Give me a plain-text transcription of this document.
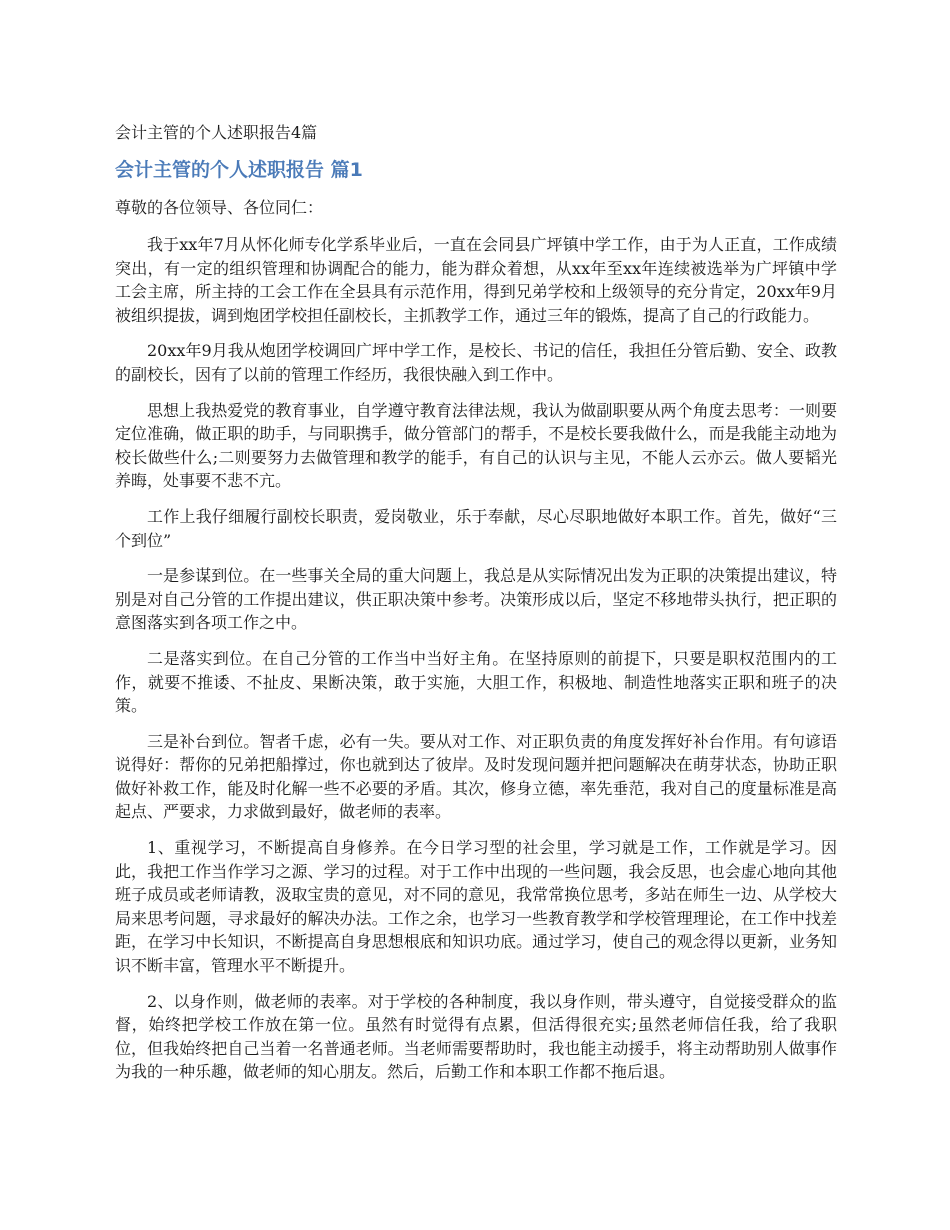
会计主管的个人述职报告4篇
会计主管的个人述职报告 篇1
尊敬的各位领导、各位同仁：

我于xx年7月从怀化师专化学系毕业后，一直在会同县广坪镇中学工作，由于为人正直，工作成绩突出，有一定的组织管理和协调配合的能力，能为群众着想，从xx年至xx年连续被选举为广坪镇中学工会主席，所主持的工会工作在全县具有示范作用，得到兄弟学校和上级领导的充分肯定，20xx年9月被组织提拔，调到炮团学校担任副校长，主抓教学工作，通过三年的锻炼，提高了自己的行政能力。

20xx年9月我从炮团学校调回广坪中学工作，是校长、书记的信任，我担任分管后勤、安全、政教的副校长，因有了以前的管理工作经历，我很快融入到工作中。

思想上我热爱党的教育事业，自学遵守教育法律法规，我认为做副职要从两个角度去思考：一则要定位准确，做正职的助手，与同职携手，做分管部门的帮手，不是校长要我做什么，而是我能主动地为校长做些什么;二则要努力去做管理和教学的能手，有自己的认识与主见，不能人云亦云。做人要韬光养晦，处事要不悲不亢。

工作上我仔细履行副校长职责，爱岗敬业，乐于奉献，尽心尽职地做好本职工作。首先，做好“三个到位”

一是参谋到位。在一些事关全局的重大问题上，我总是从实际情况出发为正职的决策提出建议，特别是对自己分管的工作提出建议，供正职决策中参考。决策形成以后，坚定不移地带头执行，把正职的意图落实到各项工作之中。

二是落实到位。在自己分管的工作当中当好主角。在坚持原则的前提下，只要是职权范围内的工作，就要不推诿、不扯皮、果断决策，敢于实施，大胆工作，积极地、制造性地落实正职和班子的决策。

三是补台到位。智者千虑，必有一失。要从对工作、对正职负责的角度发挥好补台作用。有句谚语说得好：帮你的兄弟把船撑过，你也就到达了彼岸。及时发现问题并把问题解决在萌芽状态，协助正职做好补救工作，能及时化解一些不必要的矛盾。其次，修身立德，率先垂范，我对自己的度量标准是高起点、严要求，力求做到最好，做老师的表率。

1、重视学习，不断提高自身修养。在今日学习型的社会里，学习就是工作，工作就是学习。因此，我把工作当作学习之源、学习的过程。对于工作中出现的一些问题，我会反思，也会虚心地向其他班子成员或老师请教，汲取宝贵的意见，对不同的意见，我常常换位思考，多站在师生一边、从学校大局来思考问题，寻求最好的解决办法。工作之余，也学习一些教育教学和学校管理理论，在工作中找差距，在学习中长知识，不断提高自身思想根底和知识功底。通过学习，使自己的观念得以更新，业务知识不断丰富，管理水平不断提升。

2、以身作则，做老师的表率。对于学校的各种制度，我以身作则，带头遵守，自觉接受群众的监督，始终把学校工作放在第一位。虽然有时觉得有点累，但活得很充实;虽然老师信任我，给了我职位，但我始终把自己当着一名普通老师。当老师需要帮助时，我也能主动援手，将主动帮助别人做事作为我的一种乐趣，做老师的知心朋友。然后，后勤工作和本职工作都不拖后退。
